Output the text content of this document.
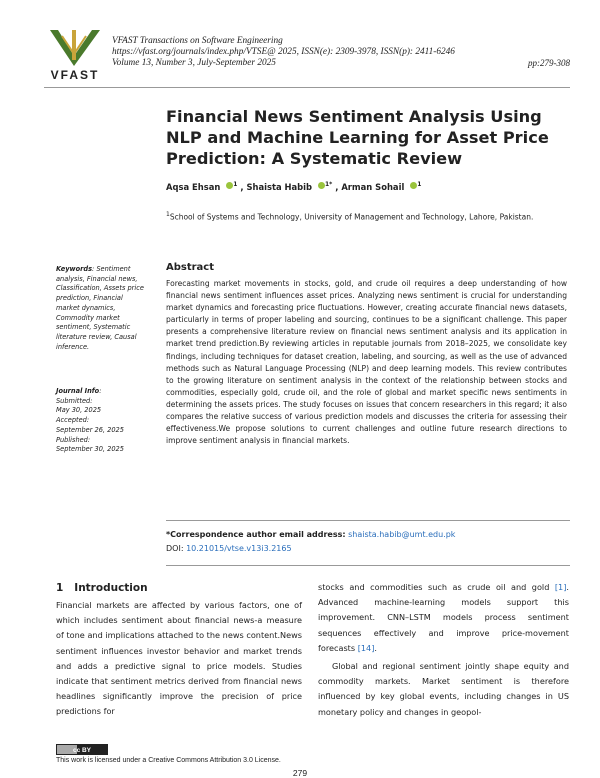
VFAST
VFAST Transactions on Software Engineering
https://vfast.org/journals/index.php/VTSE@ 2025, ISSN(e): 2309-3978, ISSN(p): 2411-6246
Volume 13, Number 3, July-September 2025	pp:279-308
Financial News Sentiment Analysis Using NLP and Machine Learning for Asset Price Prediction: A Systematic Review
Aqsa Ehsan $^1$ , Shaista Habib $^{1*}$ , Arman Sohail $^1$
$^1$School of Systems and Technology, University of Management and Technology, Lahore, Pakistan.
Keywords: Sentiment analysis, Financial news, Classification, Assets price prediction, Financial market dynamics, Commodity market sentiment, Systematic literature review, Causal inference.
Journal Info:
Submitted:
May 30, 2025
Accepted:
September 26, 2025
Published:
September 30, 2025
Abstract
Forecasting market movements in stocks, gold, and crude oil requires a deep understanding of how financial news sentiment influences asset prices. Analyzing news sentiment is crucial for understanding market dynamics and forecasting price fluctuations. However, creating accurate financial news datasets, particularly in terms of proper labeling and sourcing, continues to be a significant challenge. This paper presents a comprehensive literature review on financial news sentiment analysis and its application in market trend prediction.By reviewing articles in reputable journals from 2018–2025, we consolidate key findings, including techniques for dataset creation, labeling, and sourcing, as well as the use of advanced methods such as Natural Language Processing (NLP) and deep learning models. This review contributes to the growing literature on sentiment analysis in the context of the relationship between stocks and commodities, especially gold, crude oil, and the role of global and market specific news sentiments in determining the assets prices. The study focuses on issues that concern researchers in this regard; it also compares the relative success of various prediction models and discusses the criteria for assessing their effectiveness.We propose solutions to current challenges and outline future research directions to improve sentiment analysis in financial markets.
*Correspondence author email address: shaista.habib@umt.edu.pk
DOI: 10.21015/vtse.v13i3.2165
1 Introduction
Financial markets are affected by various factors, one of which includes sentiment about financial news-a measure of tone and implications attached to the news content.News sentiment influences investor behavior and market trends and adds a predictive signal to price models. Studies indicate that sentiment metrics derived from financial news headlines significantly improve the precision of price predictions for
stocks and commodities such as crude oil and gold [1]. Advanced machine-learning models support this improvement. CNN–LSTM models process sentiment sequences effectively and improve price-movement forecasts [14].
Global and regional sentiment jointly shape equity and commodity markets. Market sentiment is therefore influenced by key global events, including changes in US monetary policy and changes in geopol-
cc BY
This work is licensed under a Creative Commons Attribution 3.0 License.
279
